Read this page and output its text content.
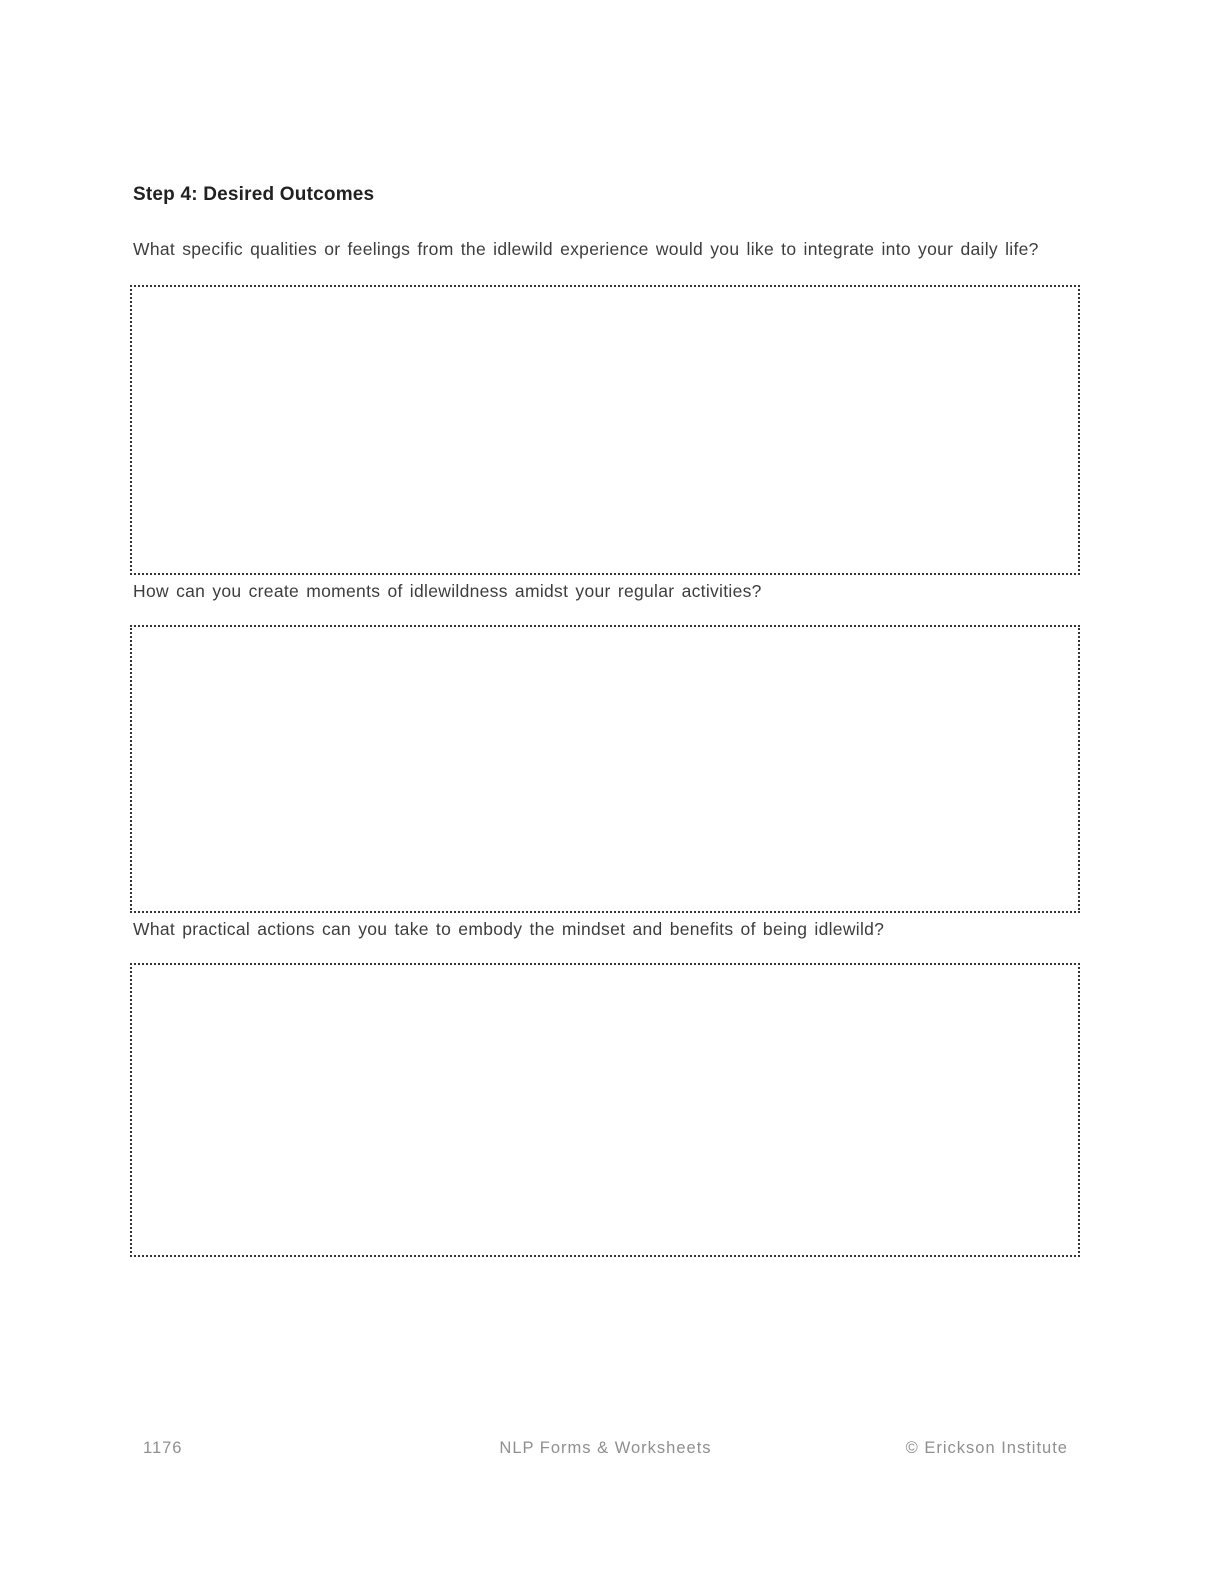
Step 4: Desired Outcomes

What specific qualities or feelings from the idlewild experience would you like to integrate into your daily life?

How can you create moments of idlewildness amidst your regular activities?

What practical actions can you take to embody the mindset and benefits of being idlewild?

1176	NLP Forms & Worksheets	© Erickson Institute
